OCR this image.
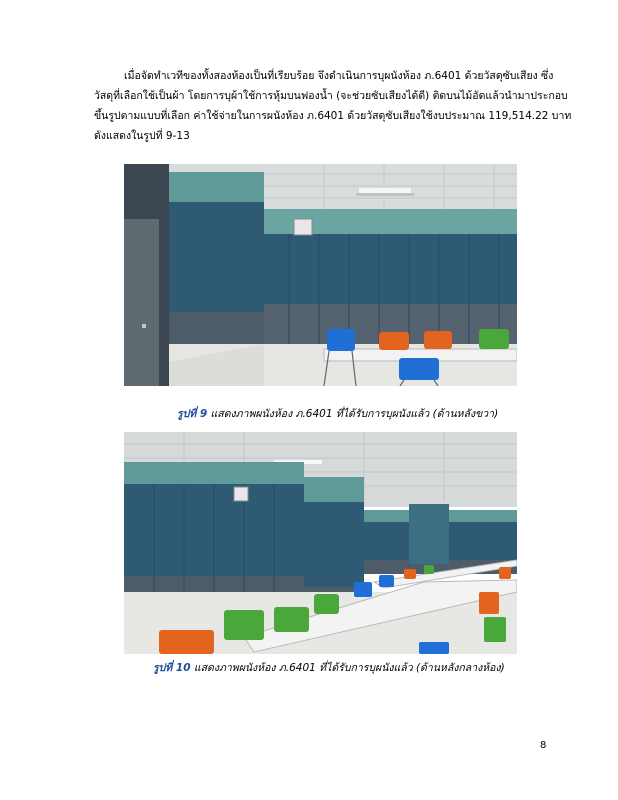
เมื่อจัดทำเวทีของทั้งสองห้องเป็นที่เรียบร้อย จึงดำเนินการบุผนังห้อง ภ.6401 ด้วยวัสดุซับเสียง ซึ่ง
วัสดุที่เลือกใช้เป็นผ้า โดยการบุผ้าใช้การหุ้มบนฟองน้ำ (จะช่วยซับเสียงได้ดี) ติดบนไม้อัดแล้วนำมาประกอบ
ขึ้นรูปตามแบบที่เลือก ค่าใช้จ่ายในการผนังห้อง ภ.6401 ด้วยวัสดุซับเสียงใช้งบประมาณ 119,514.22 บาท
ดังแสดงในรูปที่ 9-13
รูปที่ 9 แสดงภาพผนังห้อง ภ.6401 ที่ได้รับการบุผนังแล้ว (ด้านหลังขวา)
รูปที่ 10 แสดงภาพผนังห้อง ภ.6401 ที่ได้รับการบุผนังแล้ว (ด้านหลังกลางห้อง)
8
